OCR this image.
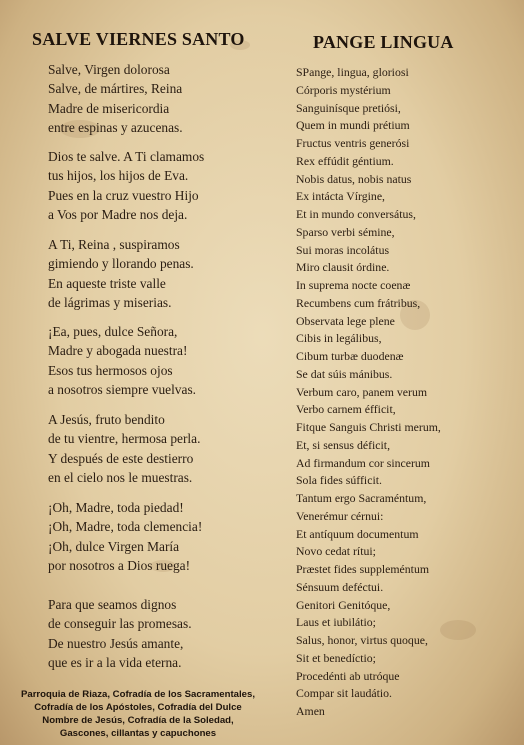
SALVE VIERNES SANTO
Salve, Virgen dolorosa
Salve, de mártires, Reina
Madre de misericordia
entre espinas y azucenas.
Dios te salve. A Ti clamamos
tus hijos, los hijos de Eva.
Pues en la cruz vuestro Hijo
a Vos por Madre nos deja.
A Ti, Reina , suspiramos
gimiendo y llorando penas.
En aqueste triste valle
de lágrimas y miserias.
¡Ea, pues, dulce Señora,
Madre y abogada nuestra!
Esos tus hermosos ojos
a nosotros siempre vuelvas.
A Jesús, fruto bendito
de tu vientre, hermosa perla.
Y después de este destierro
en el cielo nos le muestras.
¡Oh, Madre, toda piedad!
¡Oh, Madre, toda clemencia!
¡Oh, dulce Virgen María
por nosotros a Dios ruega!
Para que seamos dignos
de conseguir las promesas.
De nuestro Jesús amante,
que es ir a la vida eterna.
Parroquia de Riaza, Cofradía de los Sacramentales,
Cofradía de los Apóstoles, Cofradía del Dulce
Nombre de Jesús, Cofradía de la Soledad,
Gascones, cillantas y capuchones
PANGE LINGUA
SPange, lingua, gloriosi
Córporis mystérium
Sanguinísque pretiósi,
Quem in mundi prétium
Fructus ventris generósi
Rex effúdit géntium.
Nobis datus, nobis natus
Ex intácta Vírgine,
Et in mundo conversátus,
Sparso verbi sémine,
Sui moras incolátus
Miro clausit órdine.
In suprema nocte coenæ
Recumbens cum frátribus,
Observata lege plene
Cibis in legálibus,
Cibum turbæ duodenæ
Se dat súis mánibus.
Verbum caro, panem verum
Verbo carnem éfficit,
Fitque Sanguis Christi merum,
Et, si sensus déficit,
Ad firmandum cor sincerum
Sola fides súfficit.
Tantum ergo Sacraméntum,
Venerémur cérnui:
Et antíquum documentum
Novo cedat rítui;
Præstet fides suppleméntum
Sénsuum deféctui.
Genitori Genitóque,
Laus et iubilátio;
Salus, honor, virtus quoque,
Sit et benedíctio;
Procedénti ab utróque
Compar sit laudátio.
Amen
